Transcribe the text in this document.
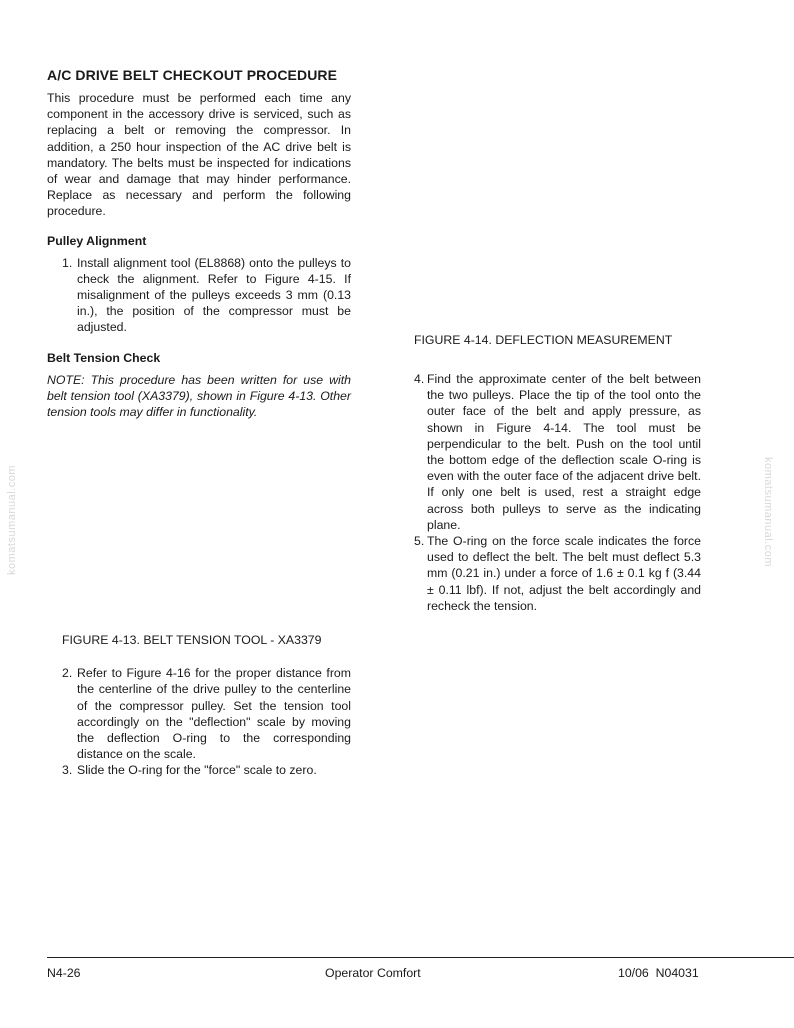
komatsumanual.com	komatsumanual.com
A/C DRIVE BELT CHECKOUT PROCEDURE

This procedure must be performed each time any component in the accessory drive is serviced, such as replacing a belt or removing the compressor. In addition, a 250 hour inspection of the AC drive belt is mandatory. The belts must be inspected for indications of wear and damage that may hinder performance. Replace as necessary and perform the following procedure.

Pulley Alignment
1. Install alignment tool (EL8868) onto the pulleys to check the alignment. Refer to Figure 4-15. If misalignment of the pulleys exceeds 3 mm (0.13 in.), the position of the compressor must be adjusted.
Belt Tension Check

NOTE: This procedure has been written for use with belt tension tool (XA3379), shown in Figure 4-13. Other tension tools may differ in functionality.

FIGURE 4-13. BELT TENSION TOOL - XA3379
2. Refer to Figure 4-16 for the proper distance from the centerline of the drive pulley to the centerline of the compressor pulley. Set the tension tool accordingly on the "deflection" scale by moving the deflection O-ring to the corresponding distance on the scale.
3. Slide the O-ring for the "force" scale to zero.
FIGURE 4-14. DEFLECTION MEASUREMENT
4. Find the approximate center of the belt between the two pulleys. Place the tip of the tool onto the outer face of the belt and apply pressure, as shown in Figure 4-14. The tool must be perpendicular to the belt. Push on the tool until the bottom edge of the deflection scale O-ring is even with the outer face of the adjacent drive belt. If only one belt is used, rest a straight edge across both pulleys to serve as the indicating plane.
5. The O-ring on the force scale indicates the force used to deflect the belt. The belt must deflect 5.3 mm (0.21 in.) under a force of 1.6 ± 0.1 kg f (3.44 ± 0.11 lbf). If not, adjust the belt accordingly and recheck the tension.
N4-26	Operator Comfort	10/06  N04031
